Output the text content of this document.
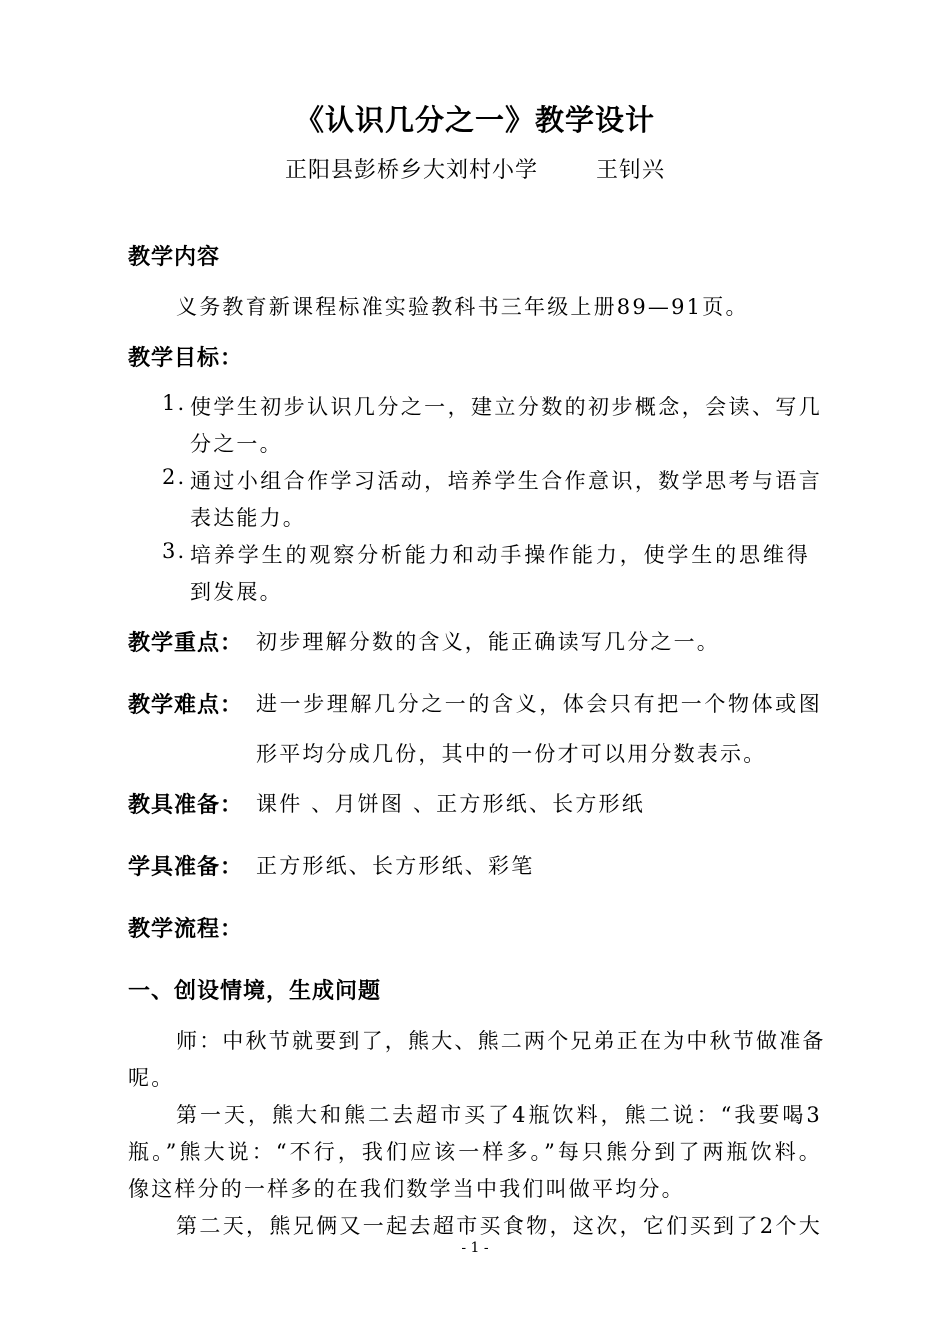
《认识几分之一》教学设计
正阳县彭桥乡大刘村小学	王钊兴
教学内容
义务教育新课程标准实验教科书三年级上册89—91页。
教学目标：
1. 使学生初步认识几分之一，建立分数的初步概念，会读、写几
分之一。
2. 通过小组合作学习活动，培养学生合作意识，数学思考与语言
表达能力。
3. 培养学生的观察分析能力和动手操作能力，使学生的思维得
到发展。
教学重点： 初步理解分数的含义，能正确读写几分之一。
教学难点： 进一步理解几分之一的含义，体会只有把一个物体或图
形平均分成几份，其中的一份才可以用分数表示。
教具准备： 课件 、月饼图 、正方形纸、长方形纸
学具准备： 正方形纸、长方形纸、彩笔
教学流程：
一、创设情境，生成问题
师：中秋节就要到了，熊大、熊二两个兄弟正在为中秋节做准备
呢。
第一天，熊大和熊二去超市买了4瓶饮料，熊二说：“我要喝3
瓶。”熊大说：“不行，我们应该一样多。”每只熊分到了两瓶饮料。
像这样分的一样多的在我们数学当中我们叫做平均分。
第二天，熊兄俩又一起去超市买食物，这次，它们买到了2个大
- 1 -
